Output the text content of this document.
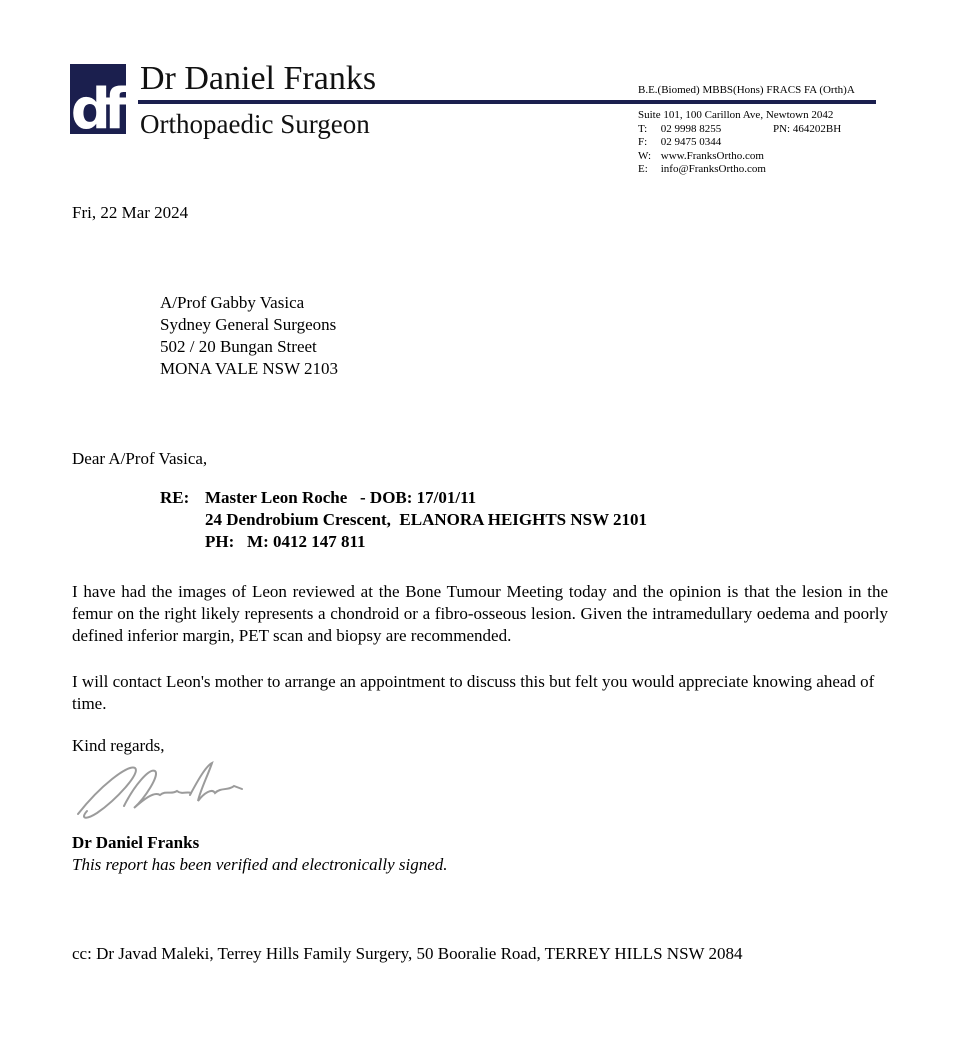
df Dr Daniel Franks
Orthopaedic Surgeon
B.E.(Biomed) MBBS(Hons) FRACS FA (Orth)A
Suite 101, 100 Carillon Ave, Newtown 2042
T: 02 9998 8255	PN: 464202BH
F: 02 9475 0344
W: www.FranksOrtho.com
E: info@FranksOrtho.com
Fri, 22 Mar 2024
A/Prof Gabby Vasica
Sydney General Surgeons
502 / 20 Bungan Street
MONA VALE NSW 2103
Dear A/Prof Vasica,
RE: Master Leon Roche   - DOB: 17/01/11
24 Dendrobium Crescent,  ELANORA HEIGHTS NSW 2101
PH:   M: 0412 147 811
I have had the images of Leon reviewed at the Bone Tumour Meeting today and the opinion is that the lesion in the femur on the right likely represents a chondroid or a fibro-osseous lesion. Given the intramedullary oedema and poorly defined inferior margin, PET scan and biopsy are recommended.
I will contact Leon's mother to arrange an appointment to discuss this but felt you would appreciate knowing ahead of time.
Kind regards,
Dr Daniel Franks
This report has been verified and electronically signed.
cc: Dr Javad Maleki, Terrey Hills Family Surgery, 50 Booralie Road, TERREY HILLS NSW 2084
